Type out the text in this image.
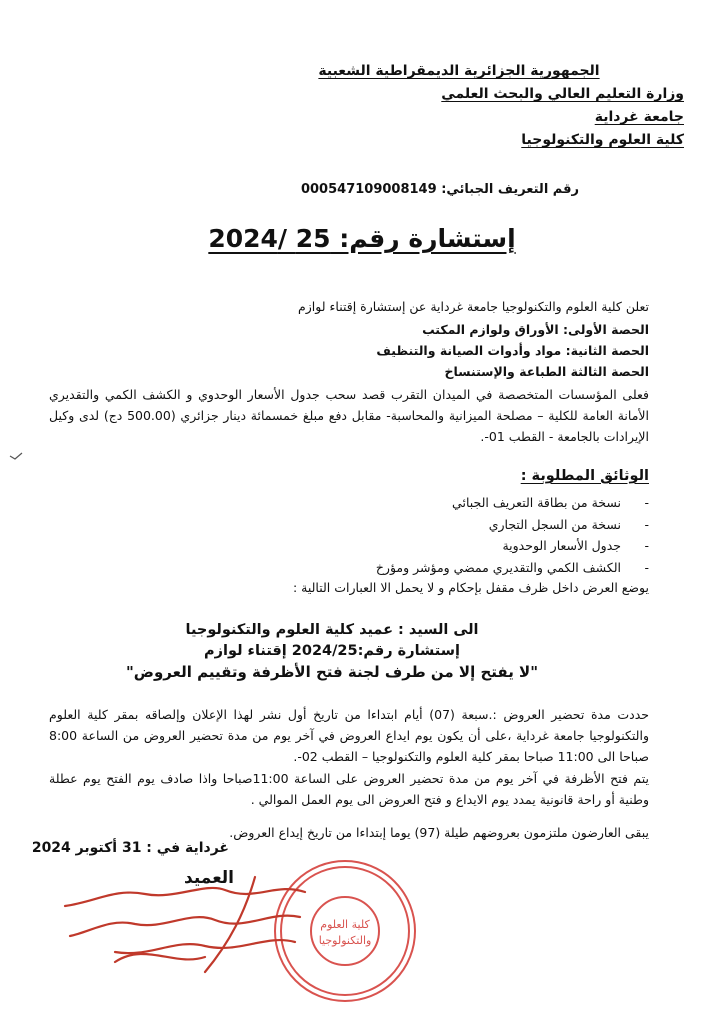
الجمهورية الجزائرية الديمقراطية الشعبية
وزارة التعليم العالي والبحث العلمي
جامعة غرداية
كلية العلوم والتكنولوجيا
رقم التعريف الجبائي: 000547109008149
إستشارة رقم: 25 /2024
تعلن كلية العلوم والتكنولوجيا جامعة غرداية عن إستشارة إقتناء لوازم
الحصة الأولى: الأوراق ولوازم المكتب
الحصة الثانية: مواد وأدوات الصيانة والتنظيف
الحصة الثالثة الطباعة والإستنساخ
فعلى المؤسسات المتخصصة في الميدان التقرب قصد سحب جدول الأسعار الوحدوي و الكشف الكمي والتقديري الأمانة العامة للكلية – مصلحة الميزانية والمحاسبة- مقابل دفع مبلغ خمسمائة دينار جزائري (500.00 دج) لدى وكيل الإيرادات بالجامعة - القطب 01-.
الوثائق المطلوبة :
- نسخة من بطاقة التعريف الجبائي
- نسخة من السجل التجاري
- جدول الأسعار الوحدوية
- الكشف الكمي والتقديري ممضي ومؤشر ومؤرخ
يوضع العرض داخل ظرف مقفل بإحكام و لا يحمل الا العبارات التالية :
الى السيد : عميد كلية العلوم والتكنولوجيا
إستشارة رقم:2024/25 إقتناء لوازم
"لا يفتح إلا من طرف لجنة فتح الأظرفة وتقييم العروض"
حددت مدة تحضير العروض :.سبعة (07) أيام ابتداءا من تاريخ أول نشر لهذا الإعلان وإلصاقه بمقر كلية العلوم والتكنولوجيا جامعة غرداية ،على أن يكون يوم ايداع العروض في آخر يوم من مدة تحضير العروض من الساعة 8:00 صباحا الى 11:00 صباحا بمقر كلية العلوم والتكنولوجيا – القطب 02-.
يتم فتح الأظرفة في آخر يوم من مدة تحضير العروض على الساعة 11:00صباحا واذا صادف يوم الفتح يوم عطلة وطنية أو راحة قانونية يمدد يوم الايداع و فتح العروض الى يوم العمل الموالي .
يبقى العارضون ملتزمون بعروضهم طيلة (97) يوما إبتداءا من تاريخ إيداع العروض.
غرداية في : 31 أكتوبر 2024
العميد
كلية العلوم
والتكنولوجيا
